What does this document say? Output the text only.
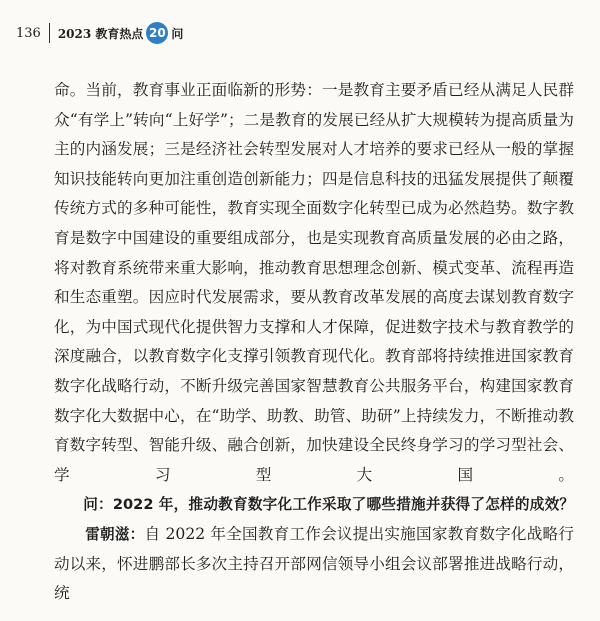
136 2023 教育热点 20 问

命。当前，教育事业正面临新的形势：一是教育主要矛盾已经从满足人民群众“有学上”转向“上好学”；二是教育的发展已经从扩大规模转为提高质量为主的内涵发展；三是经济社会转型发展对人才培养的要求已经从一般的掌握知识技能转向更加注重创造创新能力；四是信息科技的迅猛发展提供了颠覆传统方式的多种可能性，教育实现全面数字化转型已成为必然趋势。数字教育是数字中国建设的重要组成部分，也是实现教育高质量发展的必由之路，将对教育系统带来重大影响，推动教育思想理念创新、模式变革、流程再造和生态重塑。因应时代发展需求，要从教育改革发展的高度去谋划教育数字化，为中国式现代化提供智力支撑和人才保障，促进数字技术与教育教学的深度融合，以教育数字化支撑引领教育现代化。教育部将持续推进国家教育数字化战略行动，不断升级完善国家智慧教育公共服务平台，构建国家教育数字化大数据中心，在“助学、助教、助管、助研”上持续发力，不断推动教育数字转型、智能升级、融合创新，加快建设全民终身学习的学习型社会、学习型大国。

问：2022 年，推动教育数字化工作采取了哪些措施并获得了怎样的成效？

雷朝滋：自 2022 年全国教育工作会议提出实施国家教育数字化战略行动以来，怀进鹏部长多次主持召开部网信领导小组会议部署推进战略行动，统
